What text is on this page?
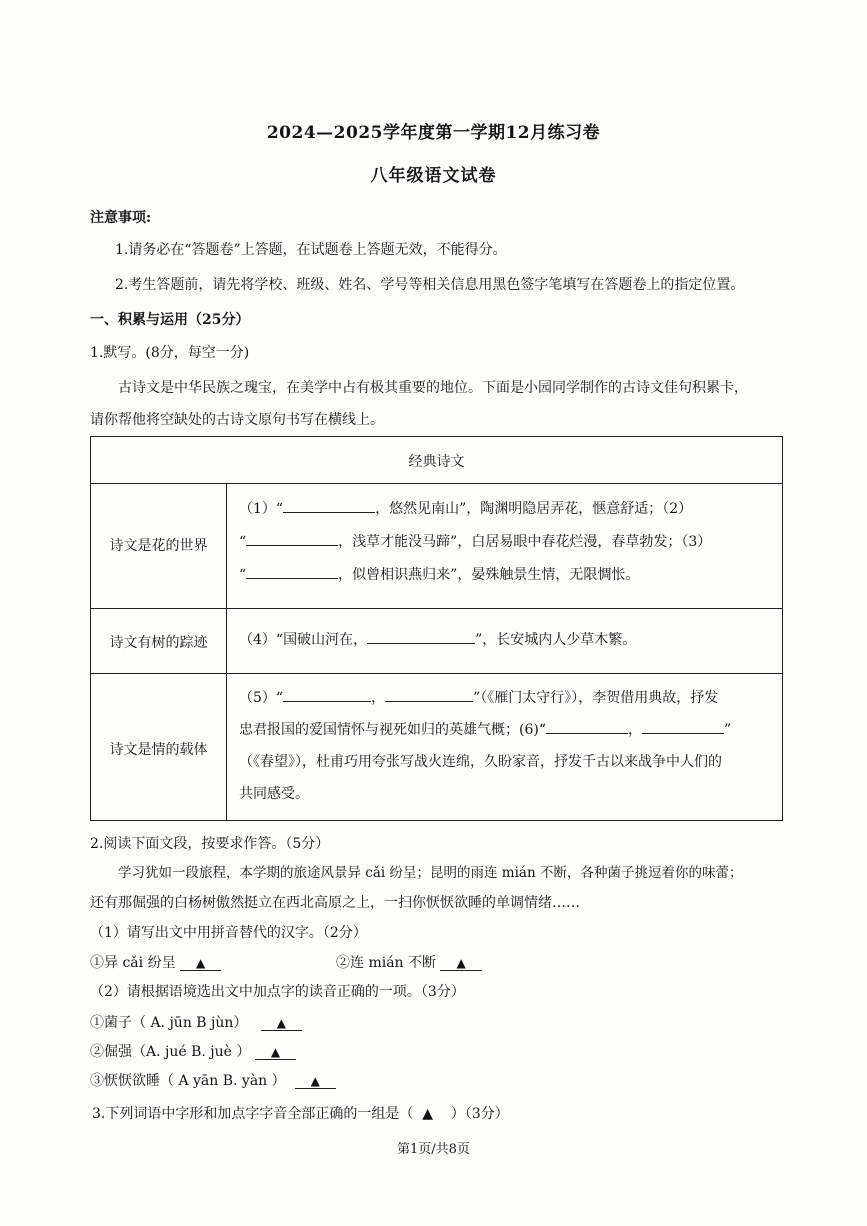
2024—2025学年度第一学期12月练习卷
八年级语文试卷
注意事项:
1.请务必在“答题卷”上答题，在试题卷上答题无效，不能得分。
2.考生答题前，请先将学校、班级、姓名、学号等相关信息用黑色签字笔填写在答题卷上的指定位置。
一、积累与运用（25分）
1.默写。(8分，每空一分)
古诗文是中华民族之瑰宝，在美学中占有极其重要的地位。下面是小园同学制作的古诗文佳句积累卡，
请你帮他将空缺处的古诗文原句书写在横线上。
经典诗文
诗文是花的世界
（1）“	，悠然见南山”，陶渊明隐居弄花，惬意舒适；（2）
“	，浅草才能没马蹄”，白居易眼中春花烂漫，春草勃发；（3）
“	，似曾相识燕归来”，晏殊触景生情，无限惆怅。
诗文有树的踪迹	（4）“国破山河在，	”，长安城内人少草木繁。
诗文是情的载体
（5）“	，	”（《雁门太守行》），李贺借用典故，抒发
忠君报国的爱国情怀与视死如归的英雄气概；(6)“	，	”
（《春望》），杜甫巧用夸张写战火连绵，久盼家音，抒发千古以来战争中人们的
共同感受。
2.阅读下面文段，按要求作答。（5分）
学习犹如一段旅程，本学期的旅途风景异 cǎi 纷呈；昆明的雨连 mián 不断，各种菌子挑逗着你的味蕾；
还有那倔强的白杨树傲然挺立在西北高原之上，一扫你恹恹欲睡的单调情绪……
（1）请写出文中用拼音替代的汉字。（2分）
①异 cǎi 纷呈 ▲	②连 mián 不断 ▲
（2）请根据语境选出文中加点字的读音正确的一项。（3分）
①菌子（ A. jūn B jùn） ▲
②倔强（A. jué B. juè ） ▲
③恹恹欲睡（ A yān B. yàn ） ▲
3.下列词语中字形和加点字字音全部正确的一组是（ ▲ ）（3分）
第1页/共8页
